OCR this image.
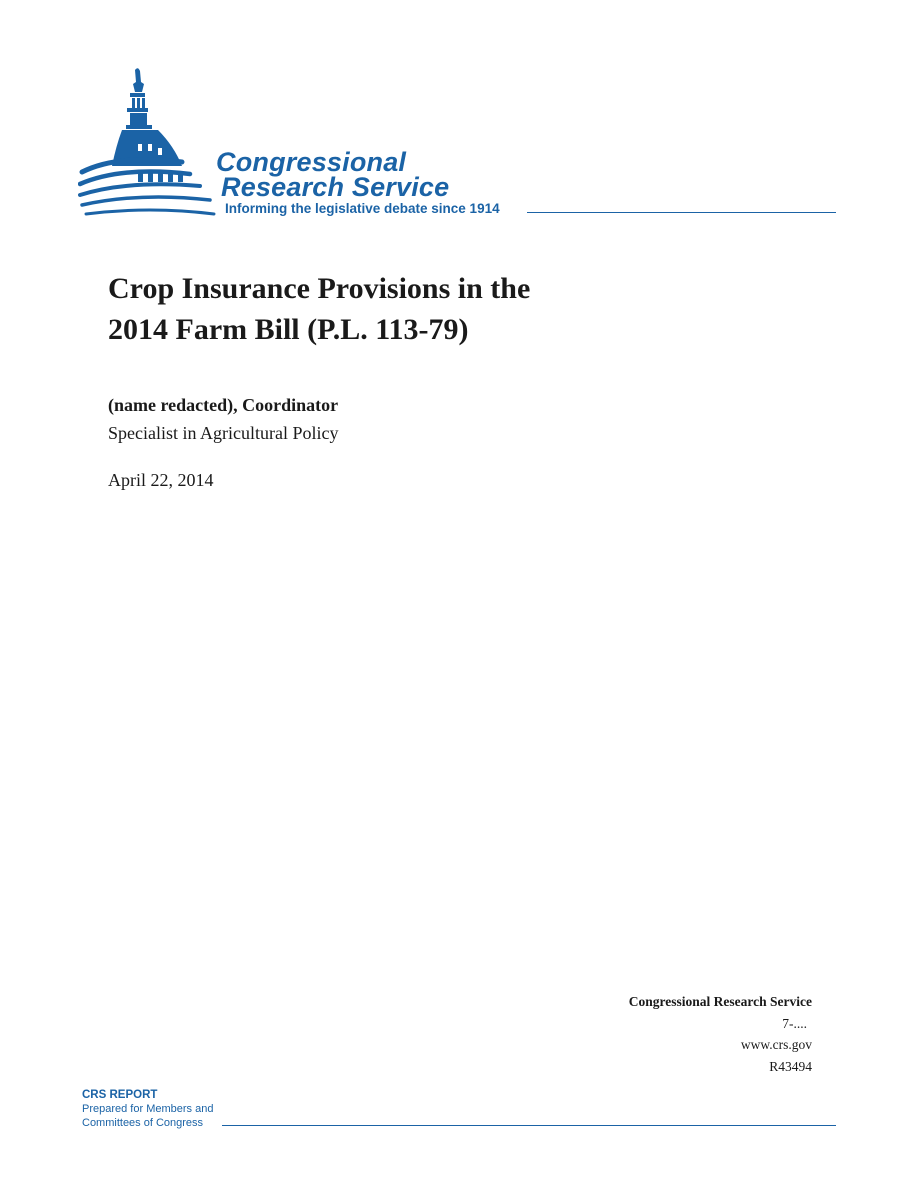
Congressional
Research Service
Informing the legislative debate since 1914
Crop Insurance Provisions in the
2014 Farm Bill (P.L. 113-79)
(name redacted), Coordinator
Specialist in Agricultural Policy
April 22, 2014
Congressional Research Service
7-....
www.crs.gov
R43494
CRS REPORT
Prepared for Members and
Committees of Congress
